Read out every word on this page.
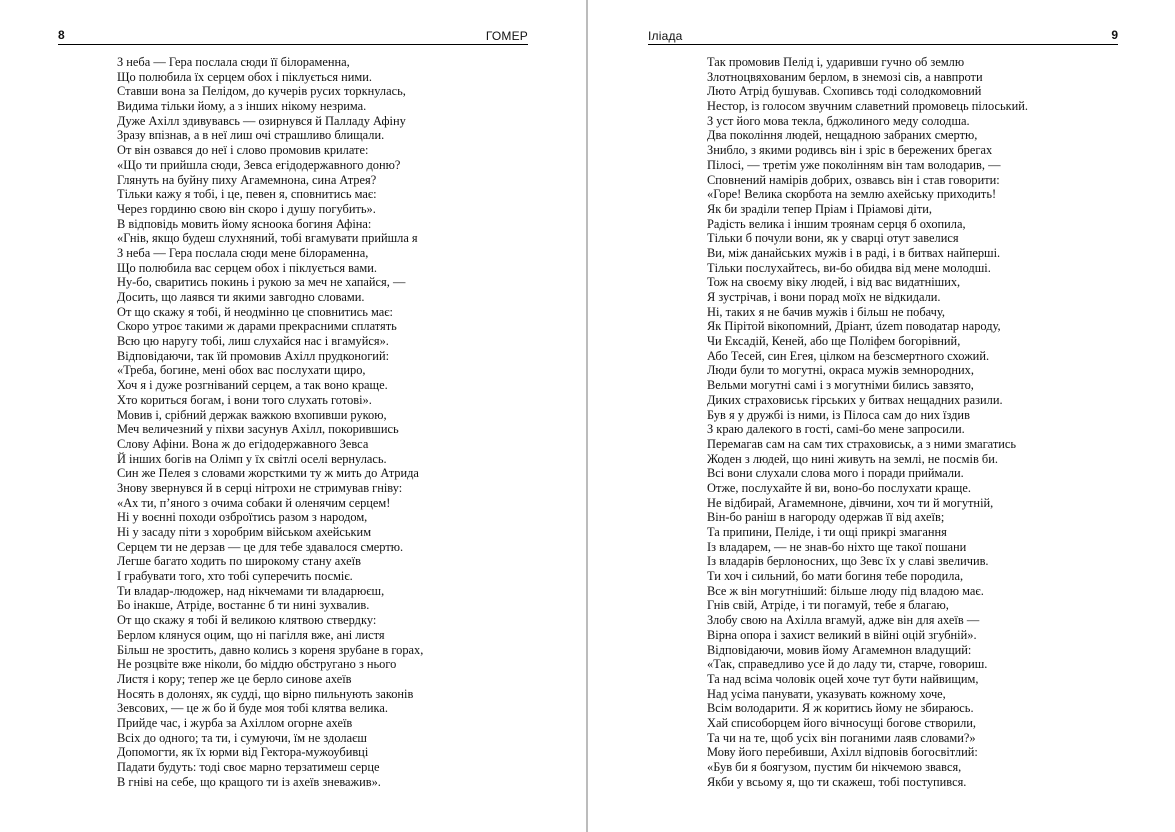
8	ГОМЕР
З неба — Гера послала сюди її білораменна,
Що полюбила їх серцем обох і піклується ними.
Ставши вона за Пелідом, до кучерів русих торкнулась,
Видима тільки йому, а з інших нікому незрима.
Дуже Ахілл здивувавсь — озирнувся й Палладу Афіну
Зразу впізнав, а в неї лиш очі страшливо блищали.
От він озвався до неї і слово промовив крилате:
«Що ти прийшла сюди, Зевса егідодержавного доню?
Глянуть на буйну пиху Агамемнона, сина Атрея?
Тільки кажу я тобі, і це, певен я, сповнитись має:
Через гординю свою він скоро і душу погубить».
В відповідь мовить йому ясноока богиня Афіна:
«Гнів, якщо будеш слухняний, тобі вгамувати прийшла я
З неба — Гера послала сюди мене білораменна,
Що полюбила вас серцем обох і піклується вами.
Ну-бо, сваритись покинь і рукою за меч не хапайся, —
Досить, що лаявся ти якими завгодно словами.
От що скажу я тобі, й неодмінно це сповнитись має:
Скоро утроє такими ж дарами прекрасними сплатять
Всю цю наругу тобі, лиш слухайся нас і вгамуйся».
Відповідаючи, так їй промовив Ахілл прудконогий:
«Треба, богине, мені обох вас послухати щиро,
Хоч я і дуже розгніваний серцем, а так воно краще.
Хто кориться богам, і вони того слухать готові».
Мовив і, срібний держак важкою вхопивши рукою,
Меч величезний у піхви засунув Ахілл, покорившись
Слову Афіни. Вона ж до егідодержавного Зевса
Й інших богів на Олімп у їх світлі оселі вернулась.
Син же Пелея з словами жорсткими ту ж мить до Атрида
Знову звернувся й в серці нітрохи не стримував гніву:
«Ах ти, п’яного з очима собаки й оленячим серцем!
Ні у воєнні походи озброїтись разом з народом,
Ні у засаду піти з хоробрим військом ахейським
Серцем ти не дерзав — це для тебе здавалося смертю.
Легше багато ходить по широкому стану ахеїв
І грабувати того, хто тобі суперечить посміє.
Ти владар-людожер, над нікчемами ти владарюєш,
Бо інакше, Атріде, востаннє б ти нині зухвалив.
От що скажу я тобі й великою клятвою ствердку:
Берлом клянуся оцим, що ні пагілля вже, ані листя
Більш не зростить, давно колись з кореня зрубане в горах,
Не розцвіте вже ніколи, бо міддю обстругано з нього
Листя і кору; тепер же це берло синове ахеїв
Носять в долонях, як судді, що вірно пильнують законів
Зевсових, — це ж бо й буде моя тобі клятва велика.
Прийде час, і журба за Ахіллом огорне ахеїв
Всіх до одного; та ти, і сумуючи, їм не здолаєш
Допомогти, як їх юрми від Гектора-мужоубивці
Падати будуть: тоді своє марно терзатимеш серце
В гніві на себе, що кращого ти із ахеїв зневажив».
Іліада	9
Так промовив Пелід і, ударивши гучно об землю
Злотноцвяхованим берлом, в знемозі сів, а навпроти
Люто Атрід бушував. Схопивсь тоді солодкомовний
Нестор, із голосом звучним славетний промовець пілоський.
З уст його мова текла, бджолиного меду солодша.
Два покоління людей, нещадною забраних смертю,
Знибло, з якими родивсь він і зріс в бережених брегах
Пілосі, — третім уже поколінням він там володарив, —
Сповнений намірів добрих, озвавсь він і став говорити:
«Горе! Велика скорбота на землю ахейську приходить!
Як би зраділи тепер Пріам і Пріамові діти,
Радість велика і іншим троянам серця б охопила,
Тільки б почули вони, як у сварці отут завелися
Ви, між данайських мужів і в раді, і в битвах найперші.
Тільки послухайтесь, ви-бо обидва від мене молодші.
Тож на своєму віку людей, і від вас видатніших,
Я зустрічав, і вони порад моїх не відкидали.
Ні, таких я не бачив мужів і більш не побачу,
Як Пірітой вікопомний, Дріант, územ поводатар народу,
Чи Ексадій, Кеней, або ще Поліфем богорівний,
Або Тесей, син Егея, цілком на безсмертного схожий.
Люди були то могутні, окраса мужів земнородних,
Вельми могутні самі і з могутніми бились завзято,
Диких страховиськ гірських у битвах нещадних разили.
Був я у дружбі із ними, із Пілоса сам до них їздив
З краю далекого в гості, самі-бо мене запросили.
Перемагав сам на сам тих страховиськ, а з ними змагатись
Жоден з людей, що нині живуть на землі, не посмів би.
Всі вони слухали слова мого і поради приймали.
Отже, послухайте й ви, воно-бо послухати краще.
Не відбирай, Агамемноне, дівчини, хоч ти й могутній,
Він-бо раніш в нагороду одержав її від ахеїв;
Та припини, Пеліде, і ти ощі прикрі змагання
Із владарем, — не знав-бо ніхто ще такої пошани
Із владарів берлоносних, що Зевс їх у славі звеличив.
Ти хоч і сильний, бо мати богиня тебе породила,
Все ж він могутніший: більше люду під владою має.
Гнів свій, Атріде, і ти погамуй, тебе я благаю,
Злобу свою на Ахілла вгамуй, адже він для ахеїв —
Вірна опора і захист великий в війні оцій згубній».
Відповідаючи, мовив йому Агамемнон владущий:
«Так, справедливо усе й до ладу ти, старче, говориш.
Та над всіма чоловік оцей хоче тут бути найвищим,
Над усіма панувати, указувать кожному хоче,
Всім володарити. Я ж коритись йому не збираюсь.
Хай списоборцем його вічносущі богове створили,
Та чи на те, щоб усіх він поганими лаяв словами?»
Мову його перебивши, Ахілл відповів богосвітлий:
«Був би я боягузом, пустим би нікчемою звався,
Якби у всьому я, що ти скажеш, тобі поступився.
